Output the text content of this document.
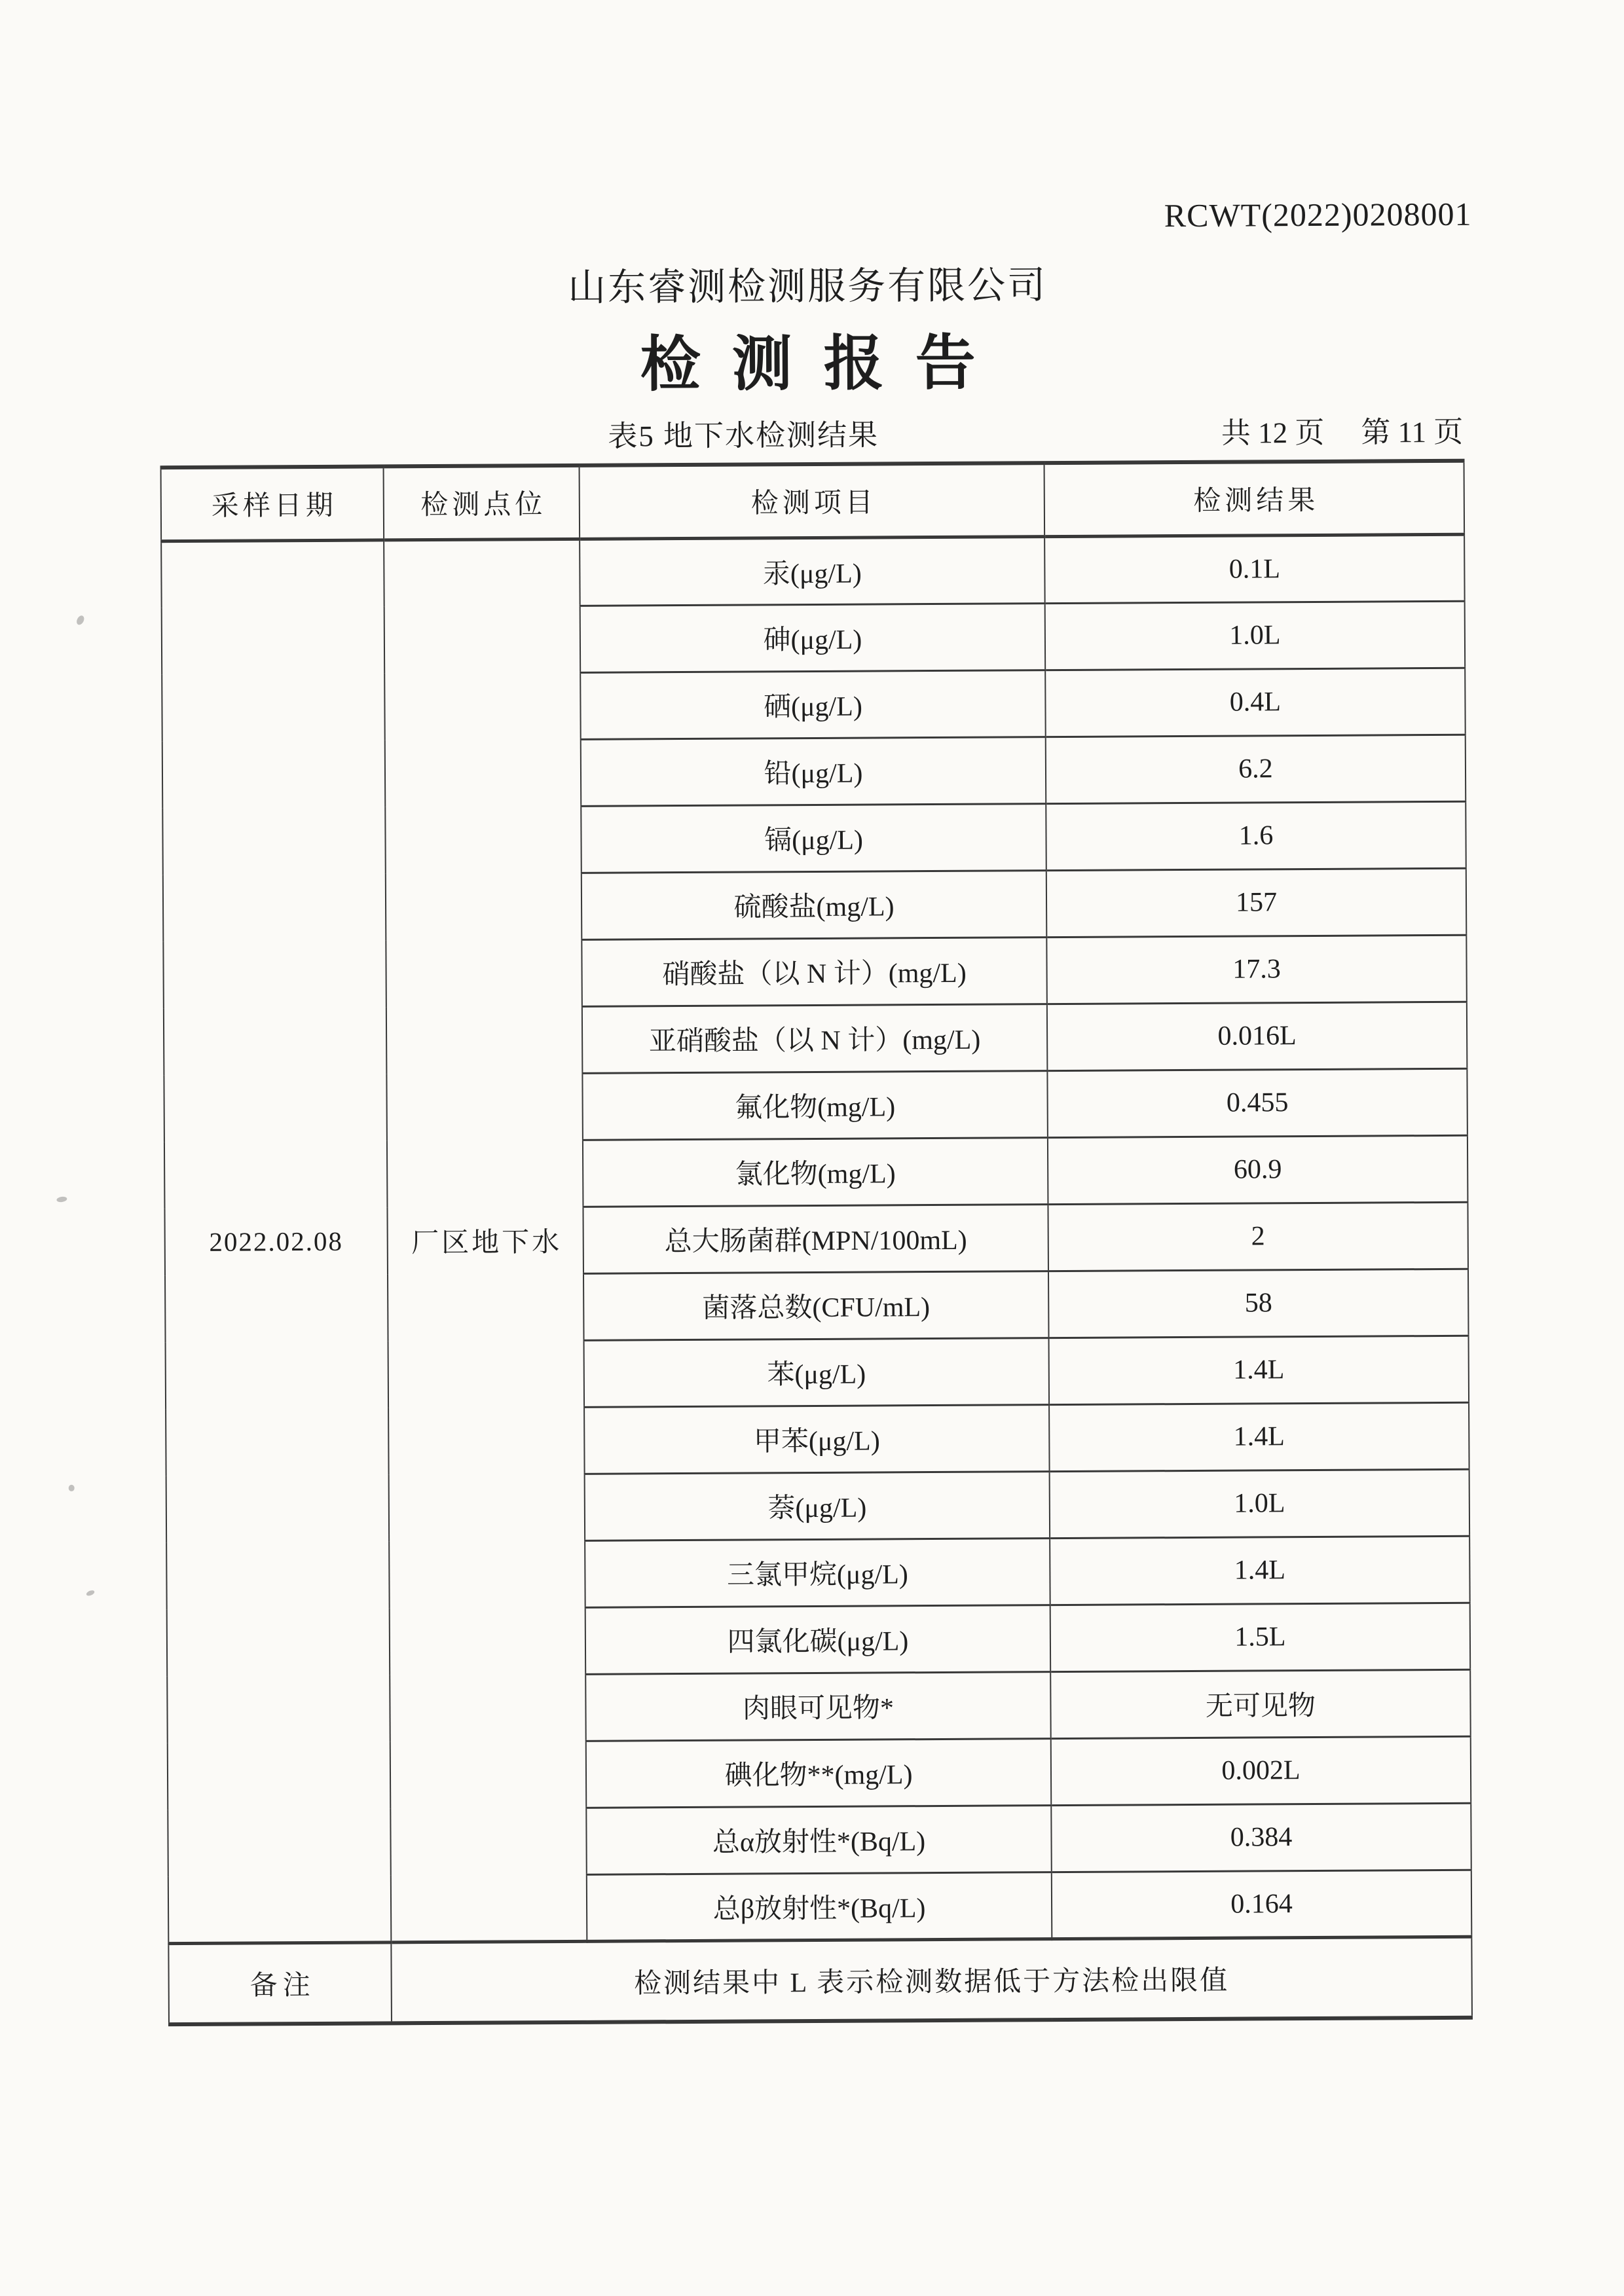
RCWT(2022)0208001
山东睿测检测服务有限公司
检测报告
表5 地下水检测结果	共 12 页 第 11 页
采样日期	检测点位	检测项目	检测结果
2022.02.08	厂区地下水	汞(μg/L)	0.1L
		砷(μg/L)	1.0L
		硒(μg/L)	0.4L
		铅(μg/L)	6.2
		镉(μg/L)	1.6
		硫酸盐(mg/L)	157
		硝酸盐（以 N 计）(mg/L)	17.3
		亚硝酸盐（以 N 计）(mg/L)	0.016L
		氟化物(mg/L)	0.455
		氯化物(mg/L)	60.9
		总大肠菌群(MPN/100mL)	2
		菌落总数(CFU/mL)	58
		苯(μg/L)	1.4L
		甲苯(μg/L)	1.4L
		萘(μg/L)	1.0L
		三氯甲烷(μg/L)	1.4L
		四氯化碳(μg/L)	1.5L
		肉眼可见物*	无可见物
		碘化物**(mg/L)	0.002L
		总α放射性*(Bq/L)	0.384
		总β放射性*(Bq/L)	0.164
备注	检测结果中 L 表示检测数据低于方法检出限值		
